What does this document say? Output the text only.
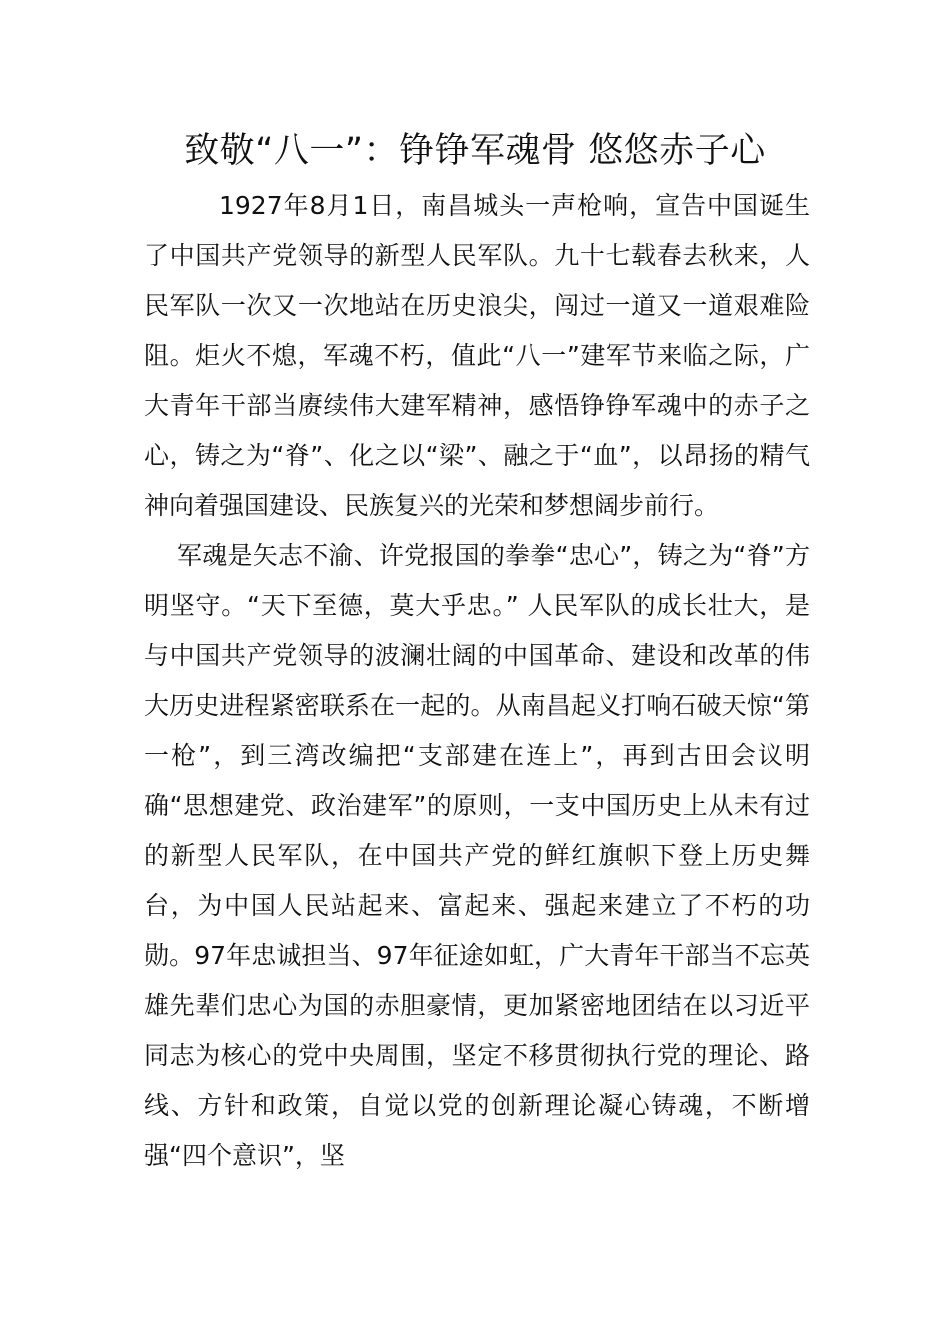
致敬“八一”：铮铮军魂骨 悠悠赤子心

1927年8月1日，南昌城头一声枪响，宣告中国诞生了中国共产党领导的新型人民军队。九十七载春去秋来，人民军队一次又一次地站在历史浪尖，闯过一道又一道艰难险阻。炬火不熄，军魂不朽，值此“八一”建军节来临之际，广大青年干部当赓续伟大建军精神，感悟铮铮军魂中的赤子之心，铸之为“脊”、化之以“梁”、融之于“血”，以昂扬的精气神向着强国建设、民族复兴的光荣和梦想阔步前行。

军魂是矢志不渝、许党报国的拳拳“忠心”，铸之为“脊”方明坚守。“天下至德，莫大乎忠。” 人民军队的成长壮大，是与中国共产党领导的波澜壮阔的中国革命、建设和改革的伟大历史进程紧密联系在一起的。从南昌起义打响石破天惊“第一枪”，到三湾改编把“支部建在连上”，再到古田会议明确“思想建党、政治建军”的原则，一支中国历史上从未有过的新型人民军队，在中国共产党的鲜红旗帜下登上历史舞台，为中国人民站起来、富起来、强起来建立了不朽的功勋。97年忠诚担当、97年征途如虹，广大青年干部当不忘英雄先辈们忠心为国的赤胆豪情，更加紧密地团结在以习近平同志为核心的党中央周围，坚定不移贯彻执行党的理论、路线、方针和政策，自觉以党的创新理论凝心铸魂，不断增强“四个意识”，坚
